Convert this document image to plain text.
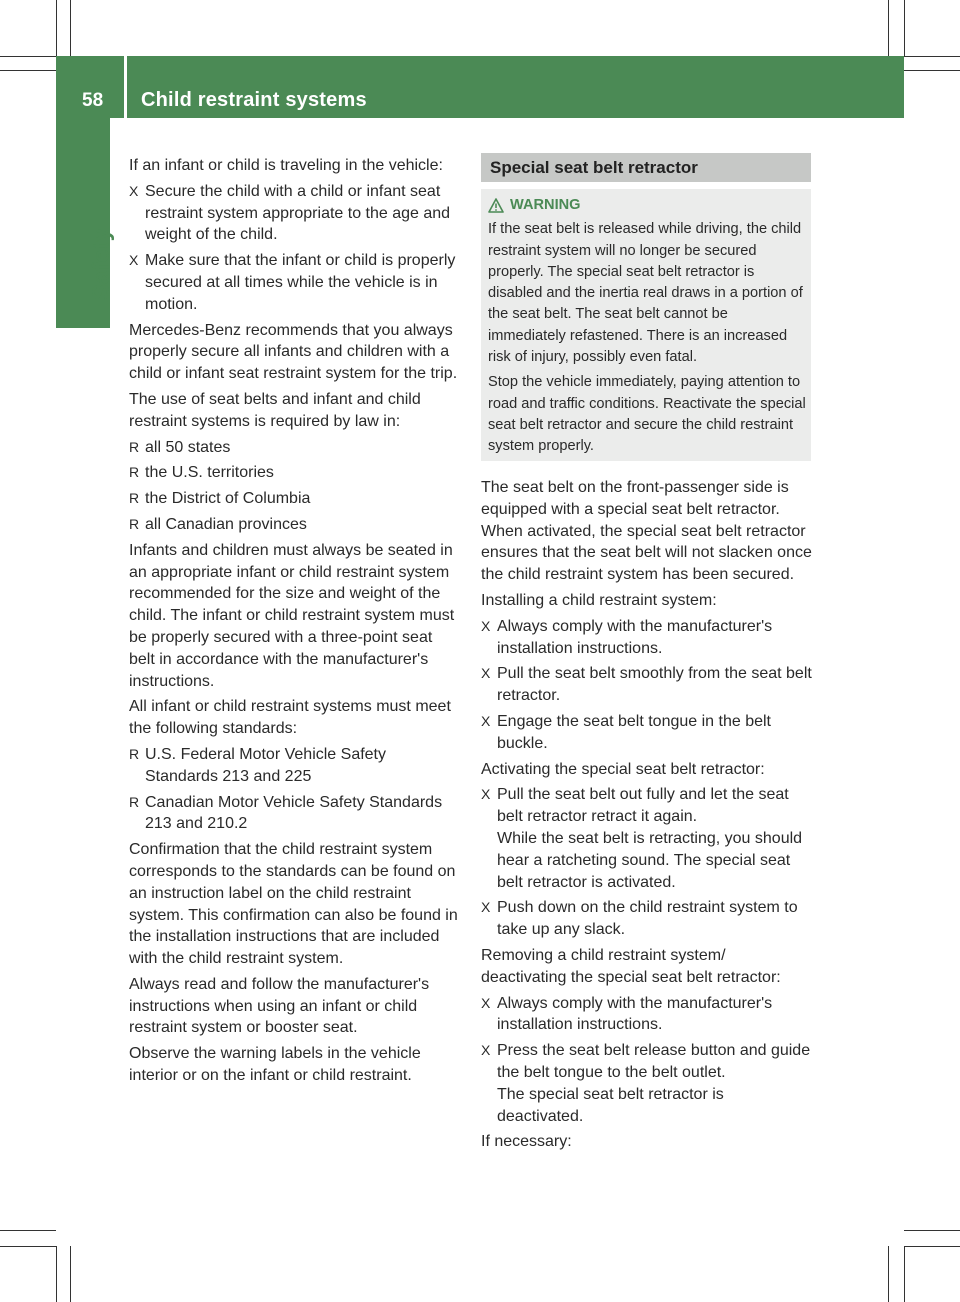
58 Child restraint systems
Safety

If an infant or child is traveling in the vehicle:

X Secure the child with a child or infant seat restraint system appropriate to the age and weight of the child.
X Make sure that the infant or child is properly secured at all times while the vehicle is in motion.

Mercedes-Benz recommends that you always properly secure all infants and children with a child or infant seat restraint system for the trip.

The use of seat belts and infant and child restraint systems is required by law in:

R all 50 states
R the U.S. territories
R the District of Columbia
R all Canadian provinces

Infants and children must always be seated in an appropriate infant or child restraint system recommended for the size and weight of the child. The infant or child restraint system must be properly secured with a three-point seat belt in accordance with the manufacturer's instructions.

All infant or child restraint systems must meet the following standards:

R U.S. Federal Motor Vehicle Safety Standards 213 and 225
R Canadian Motor Vehicle Safety Standards 213 and 210.2

Confirmation that the child restraint system corresponds to the standards can be found on an instruction label on the child restraint system. This confirmation can also be found in the installation instructions that are included with the child restraint system.

Always read and follow the manufacturer's instructions when using an infant or child restraint system or booster seat.

Observe the warning labels in the vehicle interior or on the infant or child restraint.

Special seat belt retractor
WARNING

If the seat belt is released while driving, the child restraint system will no longer be secured properly. The special seat belt retractor is disabled and the inertia real draws in a portion of the seat belt. The seat belt cannot be immediately refastened. There is an increased risk of injury, possibly even fatal.

Stop the vehicle immediately, paying attention to road and traffic conditions. Reactivate the special seat belt retractor and secure the child restraint system properly.

The seat belt on the front-passenger side is equipped with a special seat belt retractor. When activated, the special seat belt retractor ensures that the seat belt will not slacken once the child restraint system has been secured.

Installing a child restraint system:

X Always comply with the manufacturer's installation instructions.
X Pull the seat belt smoothly from the seat belt retractor.
X Engage the seat belt tongue in the belt buckle.

Activating the special seat belt retractor:

X Pull the seat belt out fully and let the seat belt retractor retract it again.
While the seat belt is retracting, you should hear a ratcheting sound. The special seat belt retractor is activated.
X Push down on the child restraint system to take up any slack.

Removing a child restraint system/ deactivating the special seat belt retractor:

X Always comply with the manufacturer's installation instructions.
X Press the seat belt release button and guide the belt tongue to the belt outlet.
The special seat belt retractor is deactivated.

If necessary:
